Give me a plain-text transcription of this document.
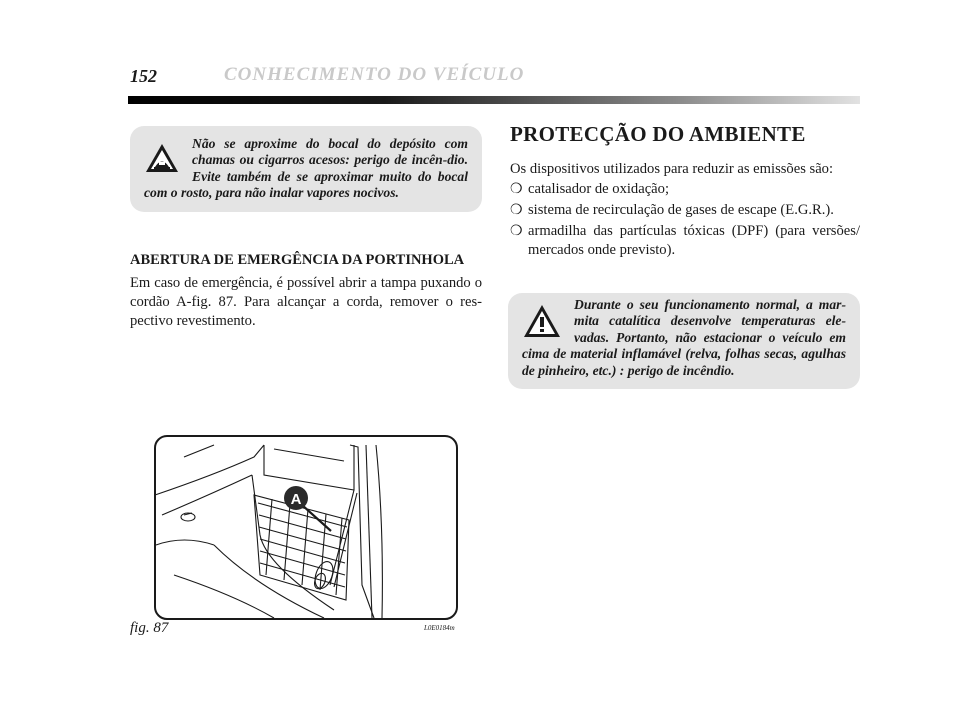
152	CONHECIMENTO DO VEÍCULO

Não se aproxime do bocal do depósito com chamas ou cigarros acesos: perigo de incên-dio. Evite também de se aproximar muito do bocal com o rosto, para não inalar vapores nocivos.

ABERTURA DE EMERGÊNCIA DA PORTINHOLA

Em caso de emergência, é possível abrir a tampa puxando o cordão A-fig. 87. Para alcançar a corda, remover o res-pectivo revestimento.

PROTECÇÃO DO AMBIENTE

Os dispositivos utilizados para reduzir as emissões são:

❍ catalisador de oxidação;
❍ sistema de recirculação de gases de escape (E.G.R.).
❍ armadilha das partículas tóxicas (DPF) (para versões/ mercados onde previsto).

Durante o seu funcionamento normal, a mar-mita catalítica desenvolve temperaturas ele-vadas. Portanto, não estacionar o veículo em cima de material inflamável (relva, folhas secas, agulhas de pinheiro, etc.) : perigo de incêndio.

A
fig. 87	L0E0184m
